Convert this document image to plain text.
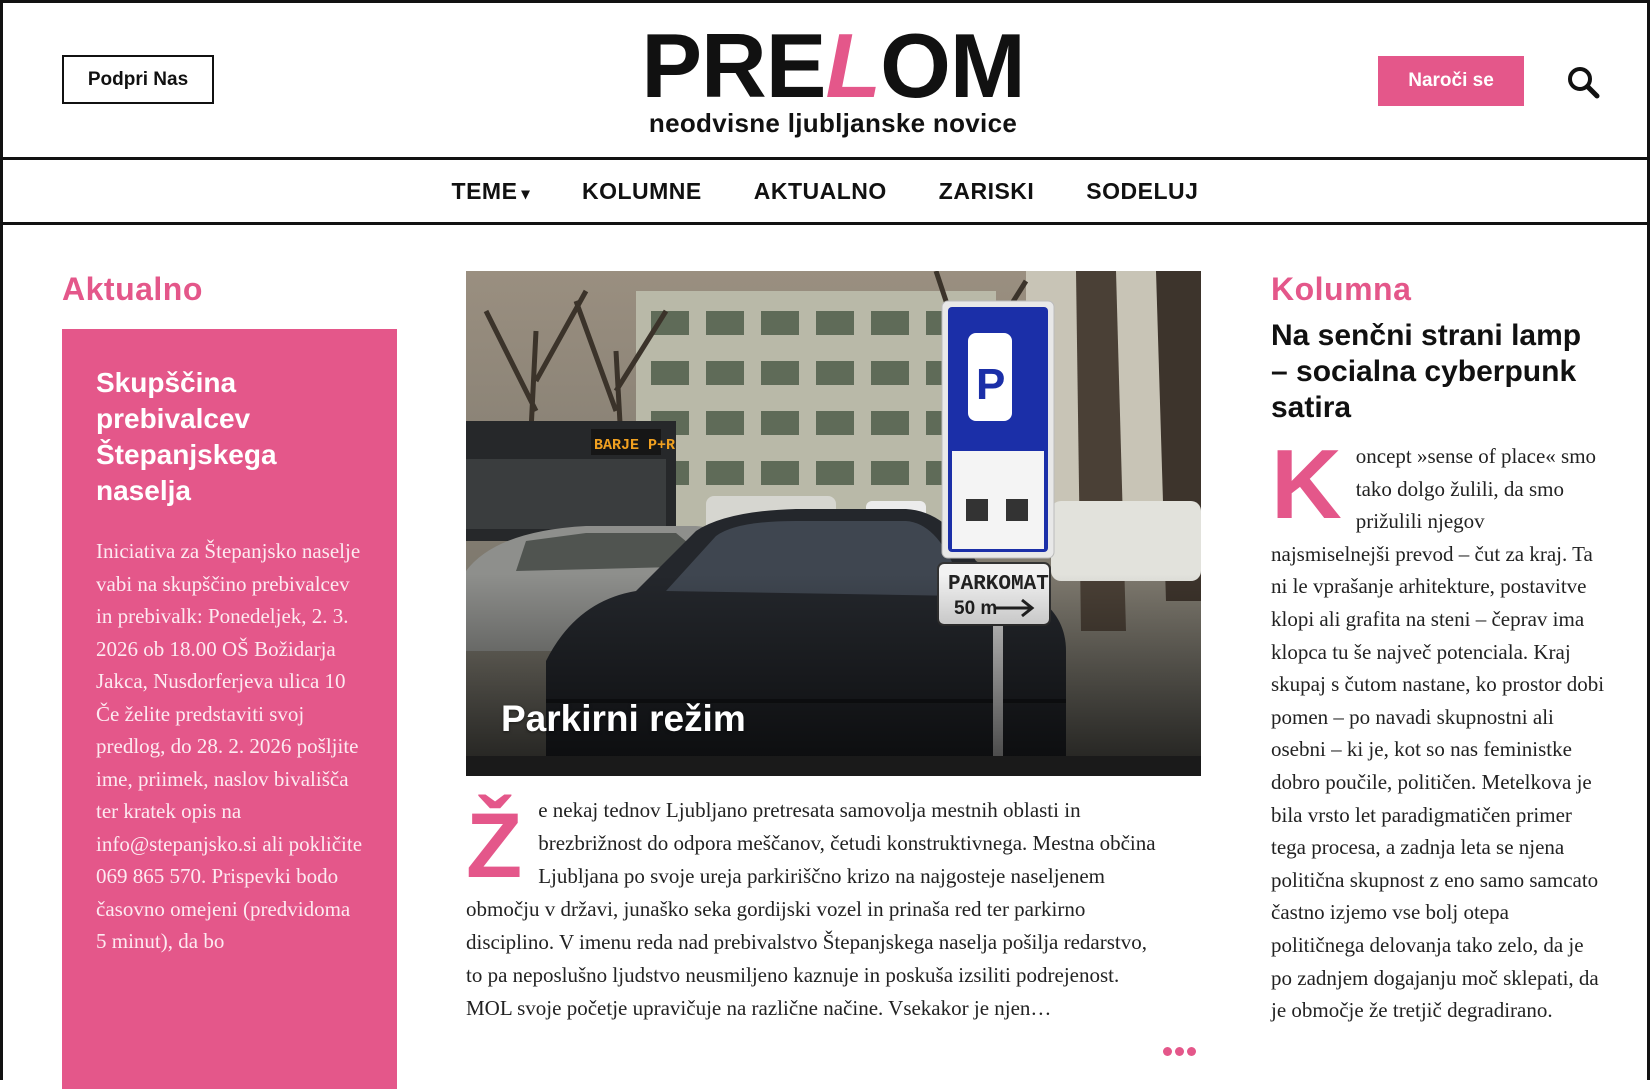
Podpri Nas	PRELOM
neodvisne ljubljanske novice
Naroči se
TEME ▾ KOLUMNE AKTUALNO ZARISKI SODELUJ
Aktualno
Skupščina prebivalcev Štepanjskega naselja

Iniciativa za Štepanjsko naselje vabi na skupščino prebivalcev in prebivalk: Ponedeljek, 2. 3. 2026 ob 18.00 OŠ Božidarja Jakca, Nusdorferjeva ulica 10 Če želite predstaviti svoj predlog, do 28. 2. 2026 pošljite ime, priimek, naslov bivališča ter kratek opis na info@stepanjsko.si ali pokličite 069 865 570. Prispevki bodo časovno omejeni (predvidoma 5 minut), da bo

Parkirni režim
Ž e nekaj tednov Ljubljano pretresata samovolja mestnih oblasti in brezbrižnost do odpora meščanov, četudi konstruktivnega. Mestna občina Ljubljana po svoje ureja parkiriščno krizo na najgosteje naseljenem območju v državi, junaško seka gordijski vozel in prinaša red ter parkirno disciplino. V imenu reda nad prebivalstvo Štepanjskega naselja pošilja redarstvo, to pa neposlušno ljudstvo neusmiljeno kaznuje in poskuša izsiliti podrejenost. MOL svoje početje upravičuje na različne načine. Vsekakor je njen…
Kolumna
Na senčni strani lamp – socialna cyberpunk satira
K oncept »sense of place« smo tako dolgo žulili, da smo prižulili njegov najsmiselnejši prevod – čut za kraj. Ta ni le vprašanje arhitekture, postavitve klopi ali grafita na steni – čeprav ima klopca tu še največ potenciala. Kraj skupaj s čutom nastane, ko prostor dobi pomen – po navadi skupnostni ali osebni – ki je, kot so nas feministke dobro poučile, političen. Metelkova je bila vrsto let paradigmatičen primer tega procesa, a zadnja leta se njena politična skupnost z eno samo samcato častno izjemo vse bolj otepa političnega delovanja tako zelo, da je po zadnjem dogajanju moč sklepati, da je območje že tretjič degradirano.
